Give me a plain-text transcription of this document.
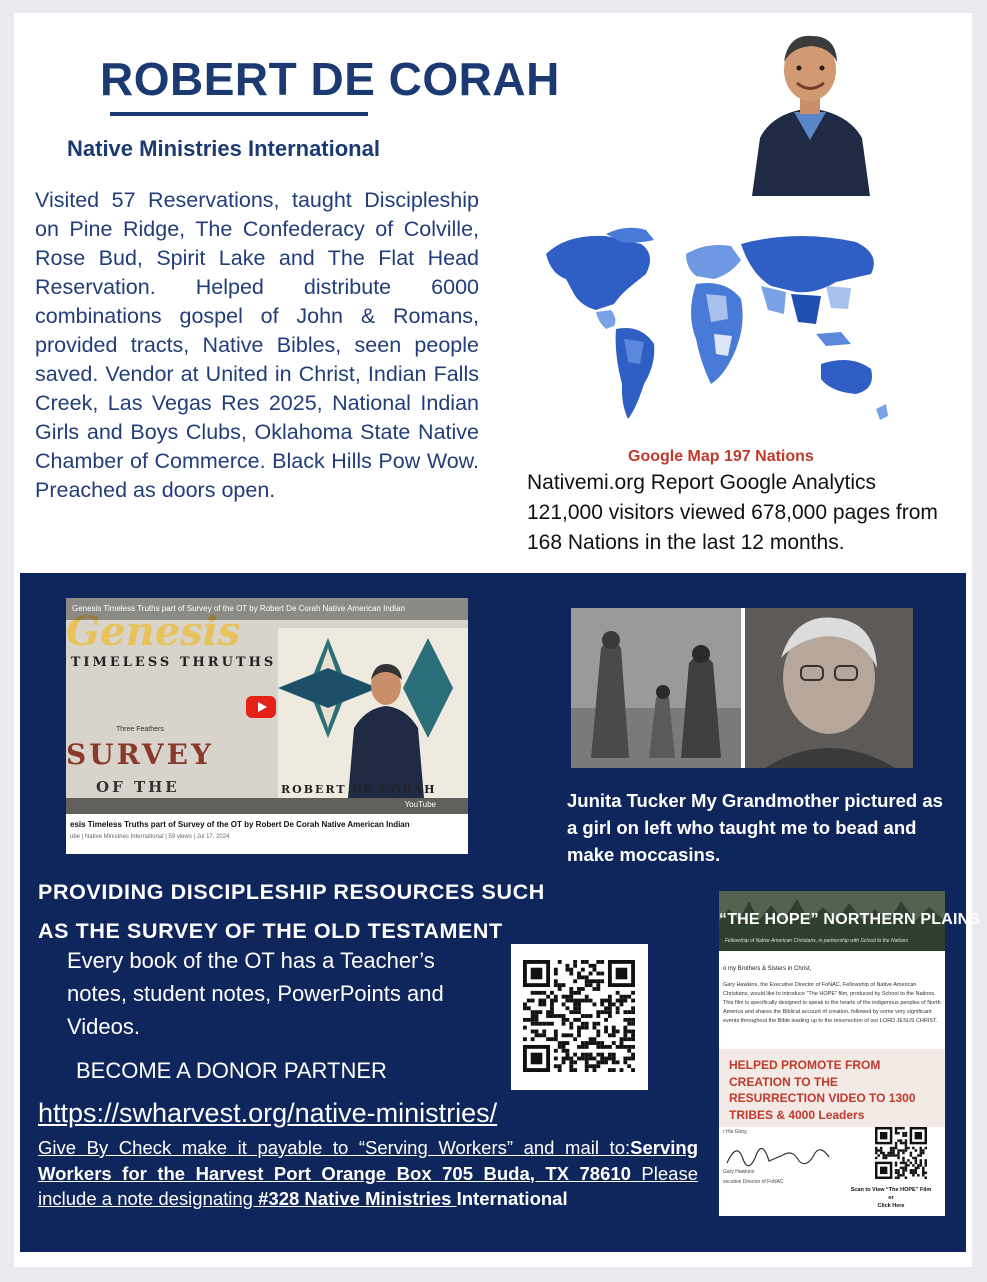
ROBERT DE CORAH
Native Ministries International
Visited 57 Reservations, taught Discipleship on Pine Ridge, The Confederacy of Colville, Rose Bud, Spirit Lake and The Flat Head Reservation. Helped distribute 6000 combinations gospel of John & Romans, provided tracts, Native Bibles, seen people saved. Vendor at United in Christ, Indian Falls Creek, Las Vegas Res 2025, National Indian Girls and Boys Clubs, Oklahoma State Native Chamber of Commerce. Black Hills Pow Wow. Preached as doors open.
Google Map 197 Nations
Nativemi.org Report Google Analytics 121,000 visitors viewed 678,000 pages from 168 Nations in the last 12 months.
Genesis
TIMELESS THRUTHS
Three Feathers
SURVEY
OF THE	ROBERT DE CORAH
Genesis Timeless Truths part of Survey of the OT by Robert De Corah Native American Indian
YouTube
esis Timeless Truths part of Survey of the OT by Robert De Corah Native American Indian
ube | Native Ministries International | 59 views | Jul 17, 2024
Junita Tucker My Grandmother pictured as a girl on left who taught me to bead and make moccasins.
PROVIDING DISCIPLESHIP RESOURCES SUCH
AS THE SURVEY OF THE OLD TESTAMENT
Every book of the OT has a Teacher’s notes, student notes, PowerPoints and Videos.
BECOME A DONOR PARTNER
https://swharvest.org/native-ministries/
Give By Check make it payable to “Serving Workers” and mail to:Serving Workers for the Harvest Port Orange Box 705 Buda, TX 78610 Please include a note designating #328 Native Ministries International
“THE HOPE” NORTHERN PLAINS
Fellowship of Native American Christians, in partnership with School to the Nations
o my Brothers & Sisters in Christ,
Gary Hawkins, the Executive Director of FoNAC, Fellowship of Native American Christians, would like to introduce "The HOPE" film, produced by School to the Nations. This film is specifically designed to speak to the hearts of the indigenous peoples of North America and shares the Biblical account of creation, followed by some very significant events throughout the Bible leading up to the resurrection of our LORD JESUS CHRIST.
HELPED PROMOTE FROM CREATION TO THE RESURRECTION VIDEO TO 1300 TRIBES & 4000 Leaders
r His Glory,
Gary Hawkins
xecutive Director of FoNAC
Scan to View “The HOPE” Film
or
Click Here
